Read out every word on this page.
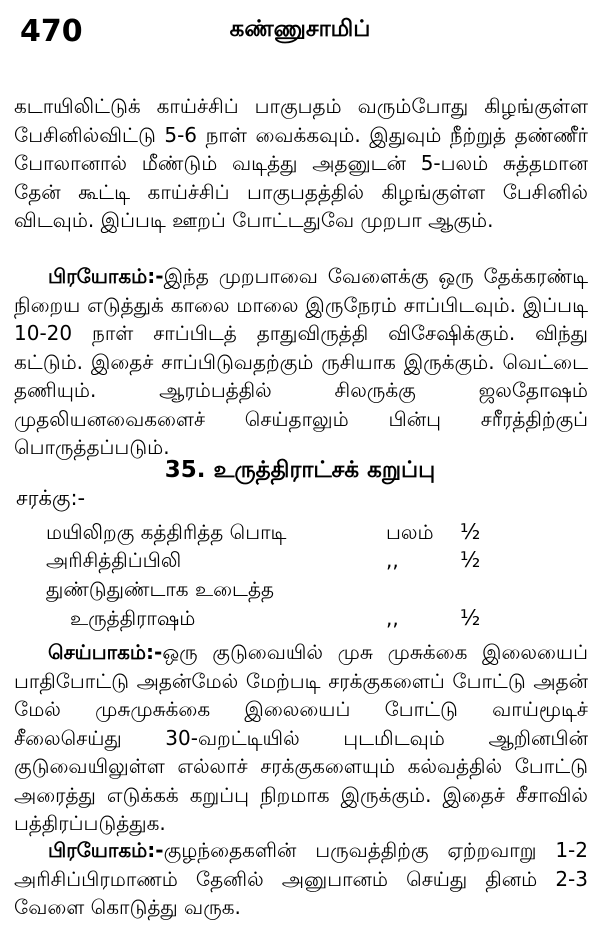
470	கண்ணுசாமிப்

கடாயிலிட்டுக் காய்ச்சிப் பாகுபதம் வரும்போது கிழங்குள்ள பேசினில்விட்டு 5-6 நாள் வைக்கவும். இதுவும் நீற்றுத் தண்ணீர் போலானால் மீண்டும் வடித்து அதனுடன் 5-பலம் சுத்தமான தேன் கூட்டி காய்ச்சிப் பாகுபதத்தில் கிழங்குள்ள பேசினில் விடவும். இப்படி ஊறப் போட்டதுவே முறபா ஆகும்.

பிரயோகம்:-இந்த முறபாவை வேளைக்கு ஒரு தேக்கரண்டி நிறைய எடுத்துக் காலை மாலை இருநேரம் சாப்பிடவும். இப்படி 10-20 நாள் சாப்பிடத் தாதுவிருத்தி விசேஷிக்கும். விந்து கட்டும். இதைச் சாப்பிடுவதற்கும் ருசியாக இருக்கும். வெட்டை தணியும். ஆரம்பத்தில் சிலருக்கு ஜலதோஷம் முதலியனவைகளைச் செய்தாலும் பின்பு சரீரத்திற்குப் பொருத்தப்படும்.

35. உருத்திராட்சக் கறுப்பு
சரக்கு:-
மயிலிறகு கத்திரித்த பொடி	பலம் ½
அரிசித்திப்பிலி	,,	½
துண்டுதுண்டாக உடைத்த
உருத்திராஷம்	,,	½

செய்பாகம்:-ஒரு குடுவையில் முசு முசுக்கை இலையைப் பாதிபோட்டு அதன்மேல் மேற்படி சரக்குகளைப் போட்டு அதன் மேல் முசுமுசுக்கை இலையைப் போட்டு வாய்மூடிச் சீலைசெய்து 30-வறட்டியில் புடமிடவும் ஆறினபின் குடுவையிலுள்ள எல்லாச் சரக்குகளையும் கல்வத்தில் போட்டு அரைத்து எடுக்கக் கறுப்பு நிறமாக இருக்கும். இதைச் சீசாவில் பத்திரப்படுத்துக.

பிரயோகம்:-குழந்தைகளின் பருவத்திற்கு ஏற்றவாறு 1-2 அரிசிப்பிரமாணம் தேனில் அனுபானம் செய்து தினம் 2-3 வேளை கொடுத்து வருக.
